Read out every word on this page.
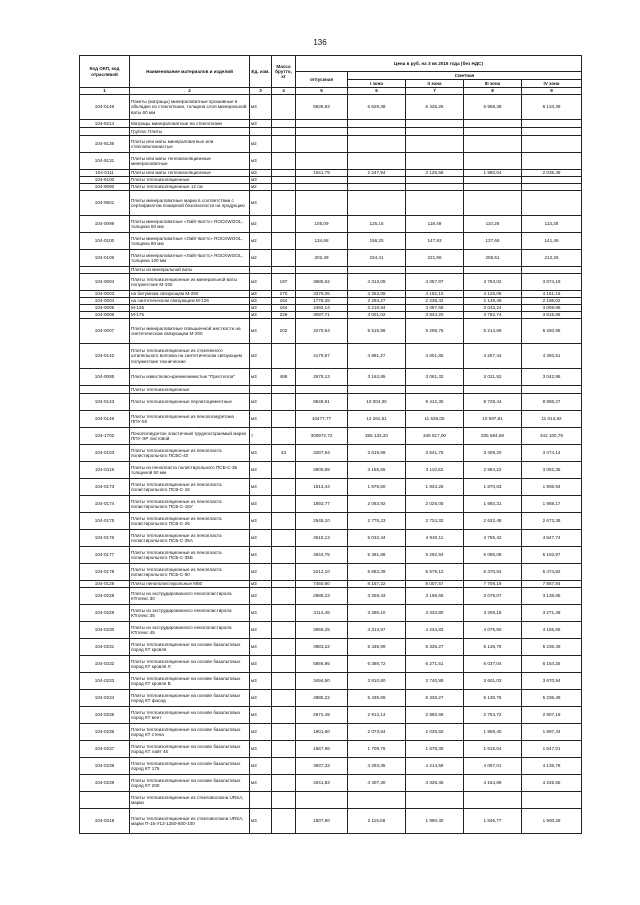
136
Код ОКП, код отраслевой	Наименование материалов и изделий	Ед. изм.	Масса брутто, кг	Цена в руб. на 3 кв 2016 года (без НДС)				
				отпускная	Сметная			
					I зона	II зона	III зона	IV зона
1	2	3	4	5	6	7	8	9
104-0146	Пакеты (матрацы) минераловатные прошивные в обкладке из стеклоткани, толщина слоя минеральной ваты 60 мм	м3		5836,83	6 629,38	6 425,25	5 958,38	6 134,39
104-9214	Матрацы минераловатные на стеклоткани	м3						
	Группа: Плиты							
104-9136	Плиты или маты минераловатные или стекловолокнистые	м2						
104-9131	Плиты или маты теплоизоляционные минераловатные	м3						
104-0111	Плиты или маты теплоизоляционные	м3		1941,79	2 247,94	2 126,58	1 980,64	2 035,49
104-9100	Плиты теплоизоляционные	м3						
104-9090	Плиты теплоизоляционные 12 см	м2						
104-9501	Плиты минераловатные марки в соответствии с сертификатом пожарной безопасности на продукцию	м3						
104-0099	Плиты минераловатные «Лайт-Баттс» ROCKWOOL, толщина 50 мм	м2		105,09	125,15	118,49	110,26	113,28
104-0100	Плиты минераловатные «Лайт-Баттс» ROCKWOOL, толщина 80 мм	м2		134,68	156,25	147,93	137,66	141,49
104-0106	Плиты минераловатные «Лайт-Баттс» ROCKWOOL, толщина 120 мм	м2		202,49	234,41	221,96	206,51	212,26
	Плиты из минеральной ваты							
104-0094	Плиты теплоизоляционные из минеральной ваты полужесткие М-150	м3	197	3685,62	4 313,09	4 057,87	3 763,02	3 874,19
104-0003	на битумном связующем М-250	м3	270	3378,06	4 353,09	4 192,10	4 125,05	4 161,16
104-0004	на синтетическом связующем М-125	м3	164	1778,28	2 294,27	2 238,42	2 149,49	2 186,02
104-0005	М-125	м3	164	2492,14	3 218,84	3 097,68	3 043,24	3 069,89
104-0006	М-175	м3	229	3097,71	4 001,02	3 844,20	3 782,74	3 815,86
104-0007	Плиты минераловатные повышенной жесткости на синтетическом связующем М-200	м3	202	4270,64	5 515,96	5 298,76	5 214,69	5 260,96
104-0142	Плиты теплоизоляционные из стеклянного штапельного волокна на синтетическом связующем полужесткие технические	м3		4179,87	4 891,27	4 601,85	4 267,44	4 393,51
104-0085	Плиты известково-кремнеземистые "Престелла"	м3	486	2578,13	3 162,85	3 061,32	3 021,52	3 042,95
	Плиты теплоизоляционные							
104-0143	Плиты теплоизоляционные перлитоцементные	м3		8548,91	10 004,30	9 412,35	8 728,44	8 986,27
104-0146	Плиты теплоизоляционные из пенополиуретана ППУ-50	м3		10477,77	12 261,51	11 536,05	10 697,81	11 013,82
104-1702	Пенополиуретан эластичный трудносгораемый марки ППУ-ЭР листовой	т		300972,72	355 133,20	346 617,00	335 584,59	342 100,79
104-0103	Плиты теплоизоляционные из пенопласта полистирольного ПСБС-40	м3	43	3297,94	3 619,89	3 541,76	3 409,20	3 474,14
104-0119	Плиты из пенопласта полистирольного ПСБ-С-35 толщиной 50 мм	м3		2805,89	3 166,65	3 110,52	2 994,22	3 052,35
104-0173	Плиты теплоизоляционные из пенопласта полистирольного ПСБ-С-15	м3		1813,44	1 978,60	1 943,28	1 870,63	1 906,94
104-0174	Плиты теплоизоляционные из пенопласта полистирольного ПСБ-С-15У	м3		1892,77	2 063,92	2 026,05	1 950,31	1 988,17
104-0175	Плиты теплоизоляционные из пенопласта полистирольного ПСБ-С-25	м3		2545,10	2 775,23	2 724,32	2 622,48	2 673,38
104-0176	Плиты теплоизоляционные из пенопласта полистирольного ПСБ-С-35А	м3		4615,13	5 032,44	4 940,11	4 755,42	4 847,74
104-0177	Плиты теплоизоляционные из пенопласта полистирольного ПСБ-С-35Б	м3		4944,75	5 391,86	5 292,94	5 095,05	5 193,97
104-0178	Плиты теплоизоляционные из пенопласта полистирольного ПСБ-С-50	м3		5212,10	5 683,39	5 579,12	5 370,54	5 474,82
104-0128	Плиты пенополистирольные M50	м3		7460,80	8 157,22	8 007,57	7 708,19	7 857,84
104-0228	Плиты из экструдированного пенополистирола КТплекс 30	м3		2988,23	3 258,43	3 198,66	3 079,07	3 138,85
104-0229	Плиты из экструдированного пенополистирола КТплекс 35	м3		3114,49	3 396,10	3 333,80	3 209,16	3 271,48
104-0230	Плиты из экструдированного пенополистирола КТплекс 45	м3		3956,25	4 313,97	4 234,83	4 076,50	4 155,65
104-0231	Плиты теплоизоляционные на основе базальтовых пород КТ кровля	м3		4983,22	5 435,99	5 336,27	5 136,76	5 236,49
104-0232	Плиты теплоизоляционные на основе базальтовых пород КТ кровля Л	м3		5856,95	6 388,72	6 271,51	6 037,04	6 154,25
104-0233	Плиты теплоизоляционные на основе базальтовых пород КТ кровля В	м3		3494,60	3 810,80	3 740,89	3 601,03	3 670,94
104-0234	Плиты теплоизоляционные на основе базальтовых пород КТ фасад	м3		4985,22	5 435,99	5 336,27	5 136,76	5 236,49
104-0235	Плиты теплоизоляционные на основе базальтовых пород КТ вент	м3		2672,49	2 914,14	2 860,68	2 753,72	2 807,19
104-0236	Плиты теплоизоляционные на основе базальтовых пород КТ стена	м3		1901,60	2 073,54	2 035,50	1 959,40	1 997,44
104-0237	Плиты теплоизоляционные на основе базальтовых пород КТ лайт 45	м3		1567,98	1 709,76	1 678,39	1 615,64	1 647,01
104-0238	Плиты теплоизоляционные на основе базальтовых пород КТ 175	м3		3937,33	4 293,35	4 214,58	4 057,01	4 135,78
104-0239	Плиты теплоизоляционные на основе базальтовых пород КТ 200	м3		4041,83	4 407,30	4 326,45	4 164,69	4 245,55
	Плиты теплоизоляционные из стекловолокна URSA, марки							
104-0318	Плиты теплоизоляционные из стекловолокна URSA, марки П-15-У12-1250-600-100	м3		1807,80	2 115,58	1 990,40	1 845,77	1 900,29
